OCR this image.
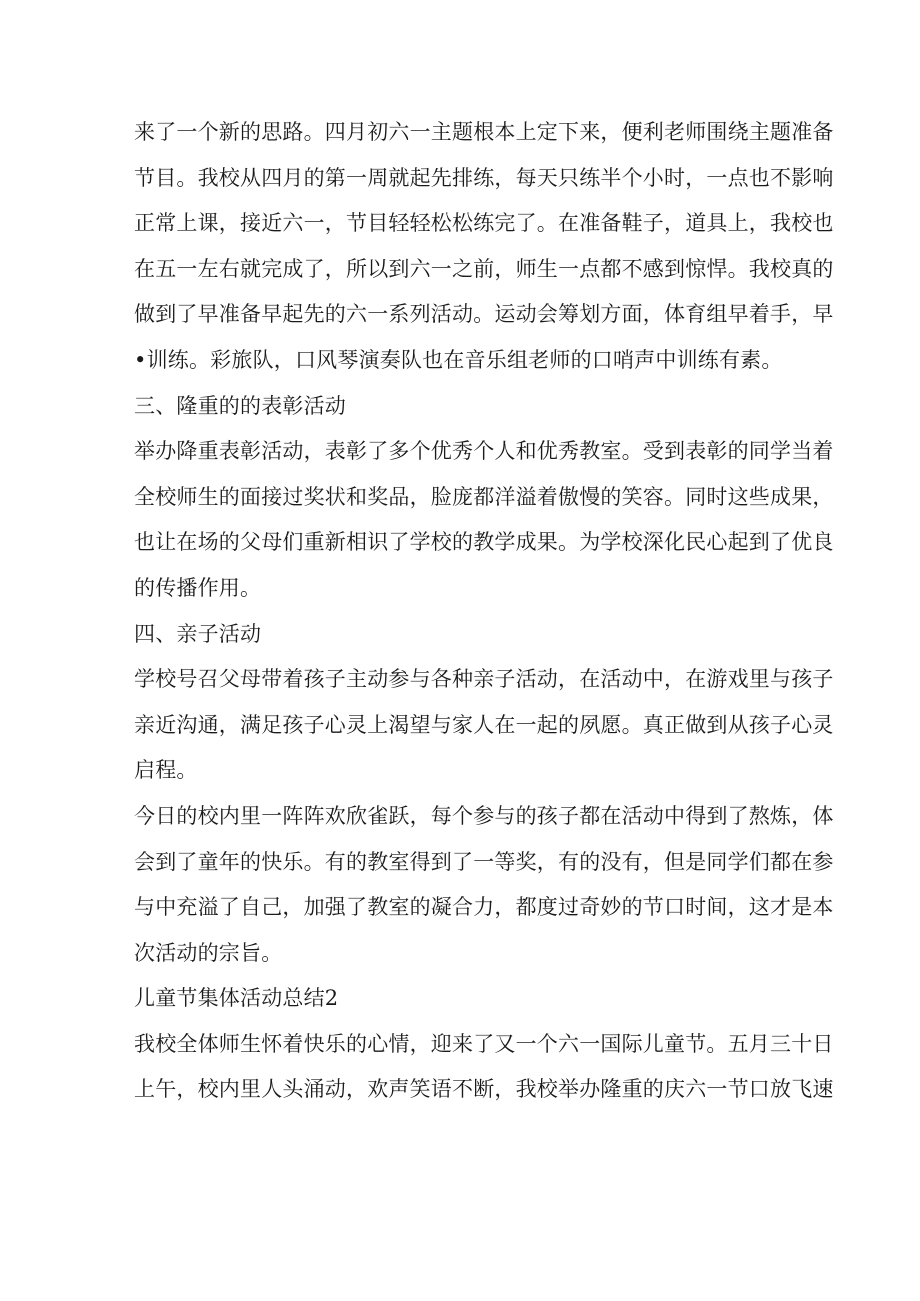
来了一个新的思路。四月初六一主题根本上定下来，便利老师围绕主题准备
节目。我校从四月的第一周就起先排练，每天只练半个小时，一点也不影响
正常上课，接近六一，节目轻轻松松练完了。在准备鞋子，道具上，我校也
在五一左右就完成了，所以到六一之前，师生一点都不感到惊悍。我校真的
做到了早准备早起先的六一系列活动。运动会筹划方面，体育组早着手，早
•训练。彩旅队，口风琴演奏队也在音乐组老师的口哨声中训练有素。
三、隆重的的表彰活动
举办降重表彰活动，表彰了多个优秀个人和优秀教室。受到表彰的同学当着
全校师生的面接过奖状和奖品，脸庞都洋溢着傲慢的笑容。同时这些成果，
也让在场的父母们重新相识了学校的教学成果。为学校深化民心起到了优良
的传播作用。
四、亲子活动
学校号召父母带着孩子主动参与各种亲子活动，在活动中，在游戏里与孩子
亲近沟通，满足孩子心灵上渴望与家人在一起的夙愿。真正做到从孩子心灵
启程。
今日的校内里一阵阵欢欣雀跃，每个参与的孩子都在活动中得到了熬炼，体
会到了童年的快乐。有的教室得到了一等奖，有的没有，但是同学们都在参
与中充溢了自己，加强了教室的凝合力，都度过奇妙的节口时间，这才是本
次活动的宗旨。
儿童节集体活动总结2
我校全体师生怀着快乐的心情，迎来了又一个六一国际儿童节。五月三十日
上午，校内里人头涌动，欢声笑语不断，我校举办隆重的庆六一节口放飞速
